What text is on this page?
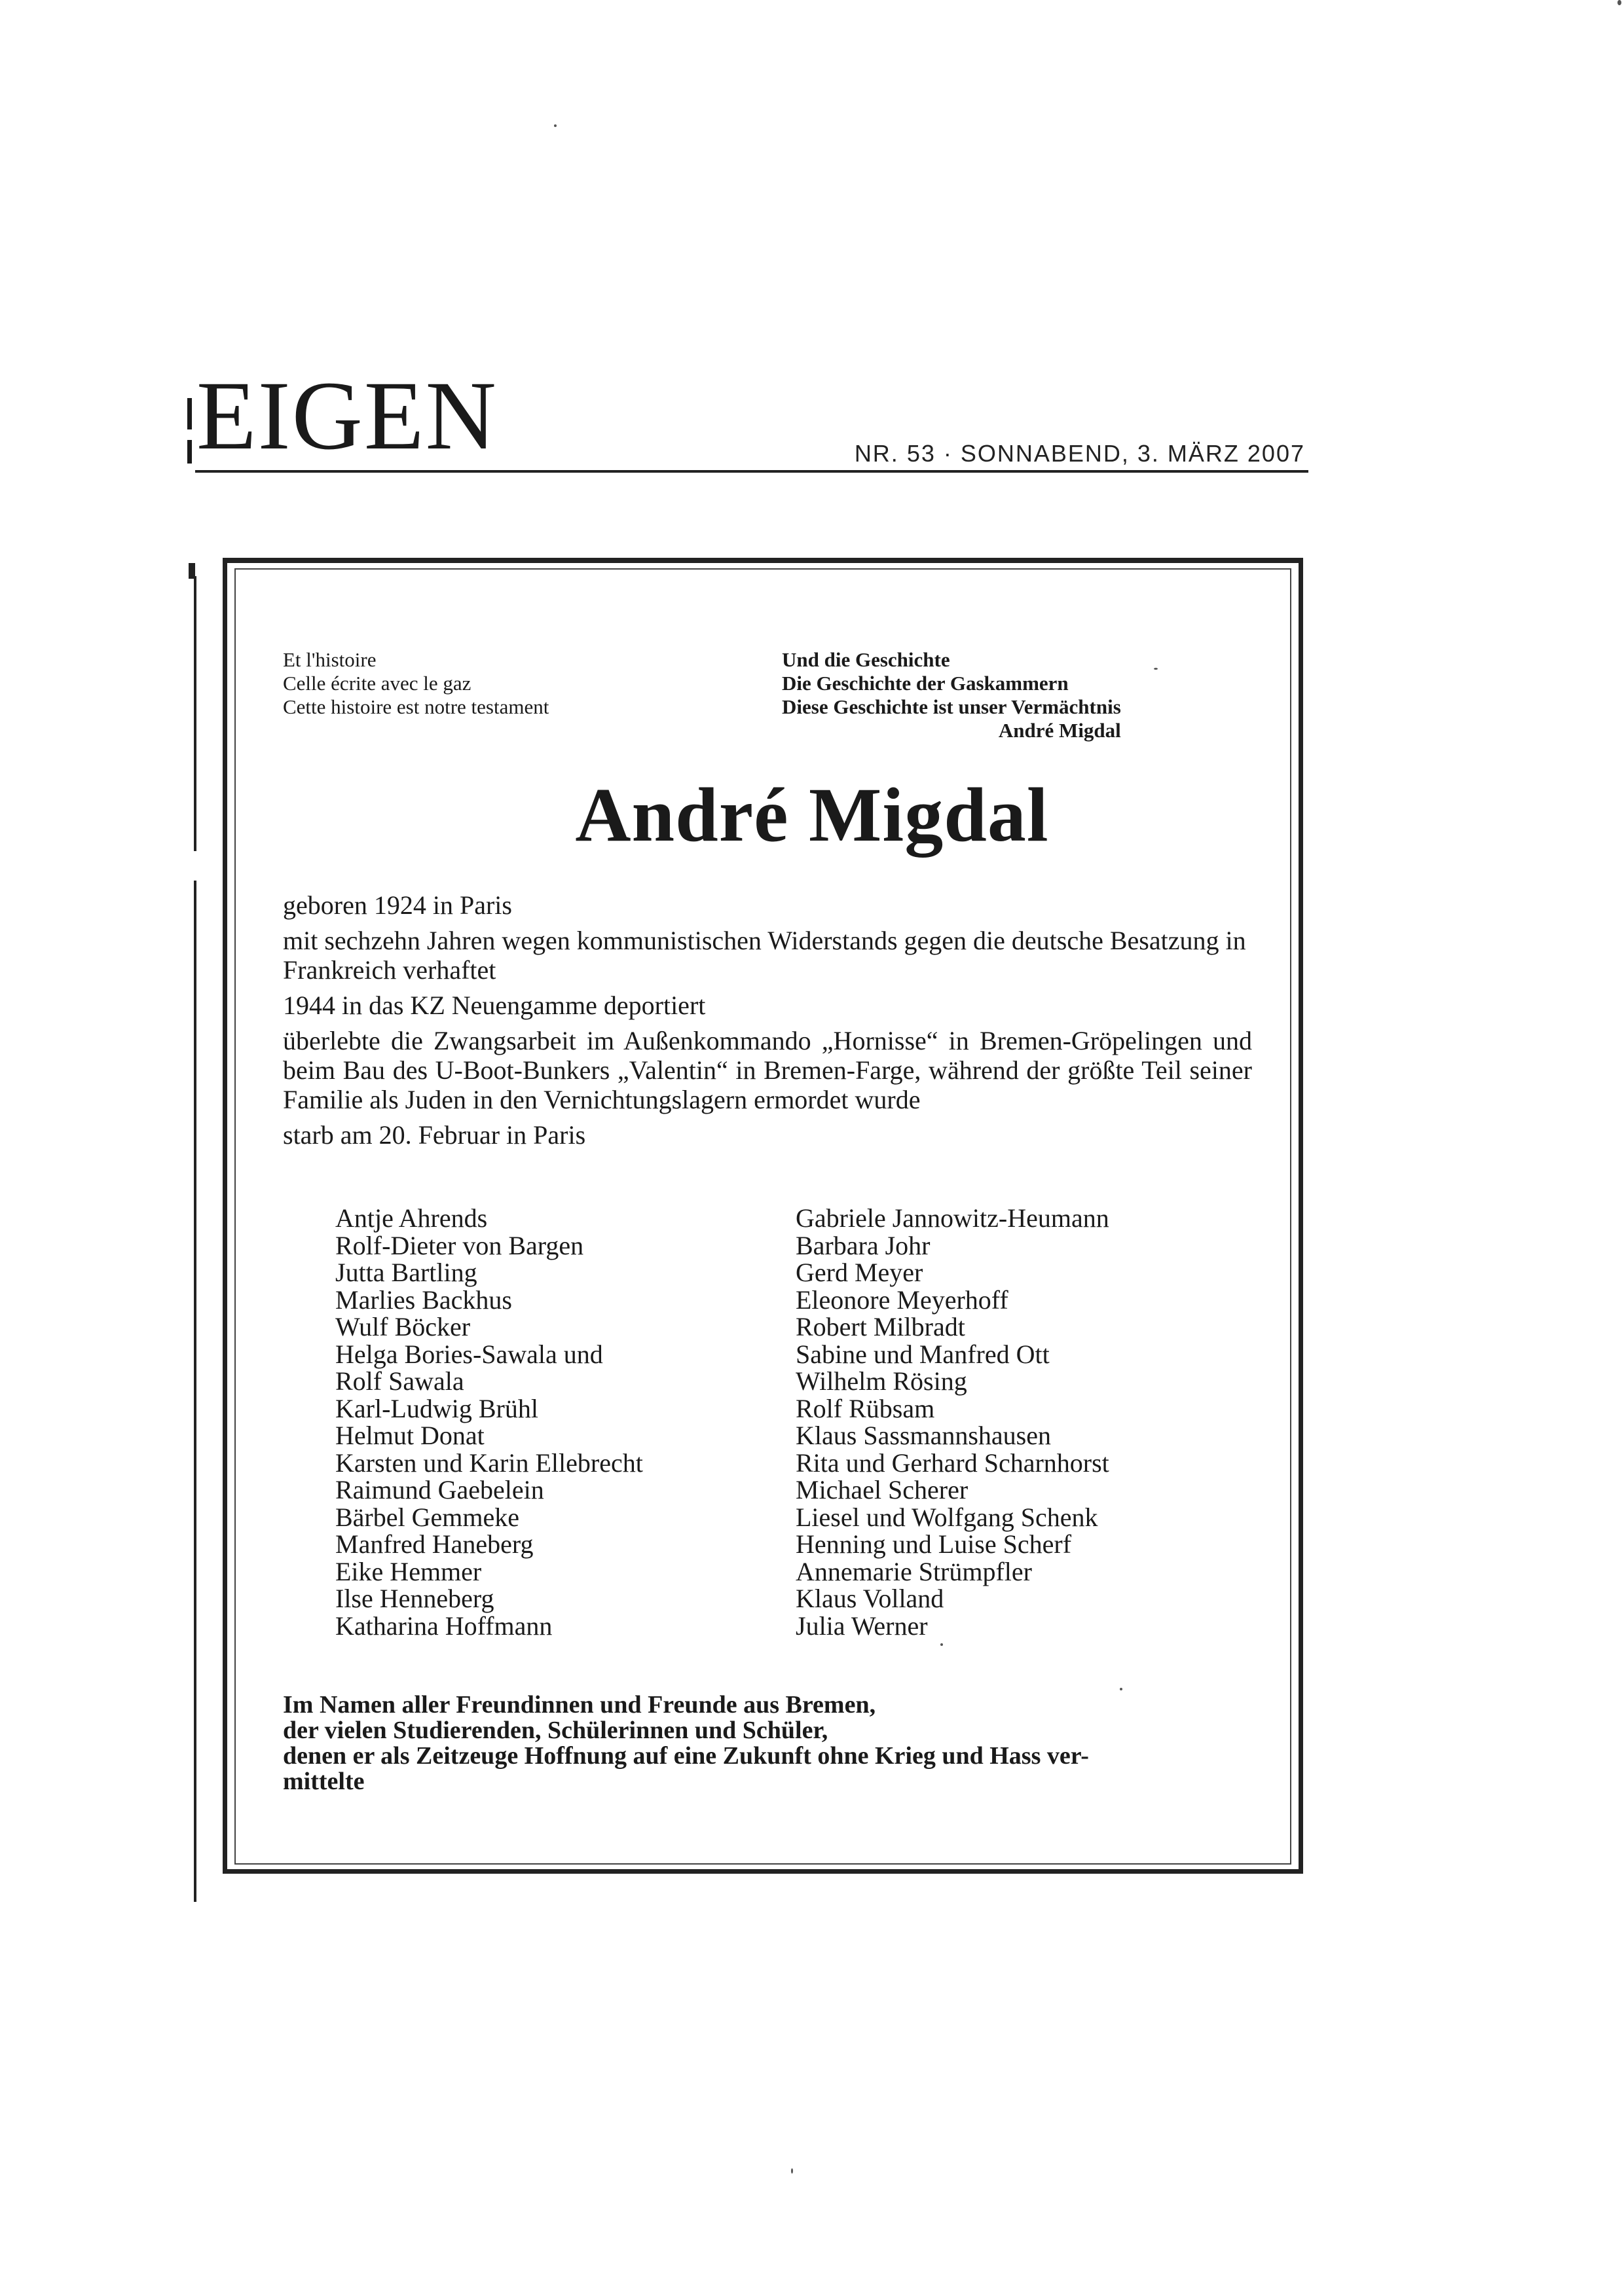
EIGEN	NR. 53 · SONNABEND, 3. MÄRZ 2007

Et l'histoire

Celle écrite avec le gaz

Cette histoire est notre testament

Und die Geschichte

Die Geschichte der Gaskammern

Diese Geschichte ist unser Vermächtnis

André Migdal

André Migdal

geboren 1924 in Paris

mit sechzehn Jahren wegen kommunistischen Widerstands gegen die deutsche Besatzung in Frankreich verhaftet

1944 in das KZ Neuengamme deportiert

überlebte die Zwangsarbeit im Außenkommando „Hornisse“ in Bremen-Gröpelingen und beim Bau des U-Boot-Bunkers „Valentin“ in Bremen-Farge, während der größte Teil seiner Familie als Juden in den Vernichtungslagern ermordet wurde

starb am 20. Februar in Paris

Antje Ahrends
Rolf-Dieter von Bargen
Jutta Bartling
Marlies Backhus
Wulf Böcker
Helga Bories-Sawala und
Rolf Sawala
Karl-Ludwig Brühl
Helmut Donat
Karsten und Karin Ellebrecht
Raimund Gaebelein
Bärbel Gemmeke
Manfred Haneberg
Eike Hemmer
Ilse Henneberg
Katharina Hoffmann
Gabriele Jannowitz-Heumann
Barbara Johr
Gerd Meyer
Eleonore Meyerhoff
Robert Milbradt
Sabine und Manfred Ott
Wilhelm Rösing
Rolf Rübsam
Klaus Sassmannshausen
Rita und Gerhard Scharnhorst
Michael Scherer
Liesel und Wolfgang Schenk
Henning und Luise Scherf
Annemarie Strümpfler
Klaus Volland
Julia Werner

Im Namen aller Freundinnen und Freunde aus Bremen,

der vielen Studierenden, Schülerinnen und Schüler,

denen er als Zeitzeuge Hoffnung auf eine Zukunft ohne Krieg und Hass ver-

mittelte
